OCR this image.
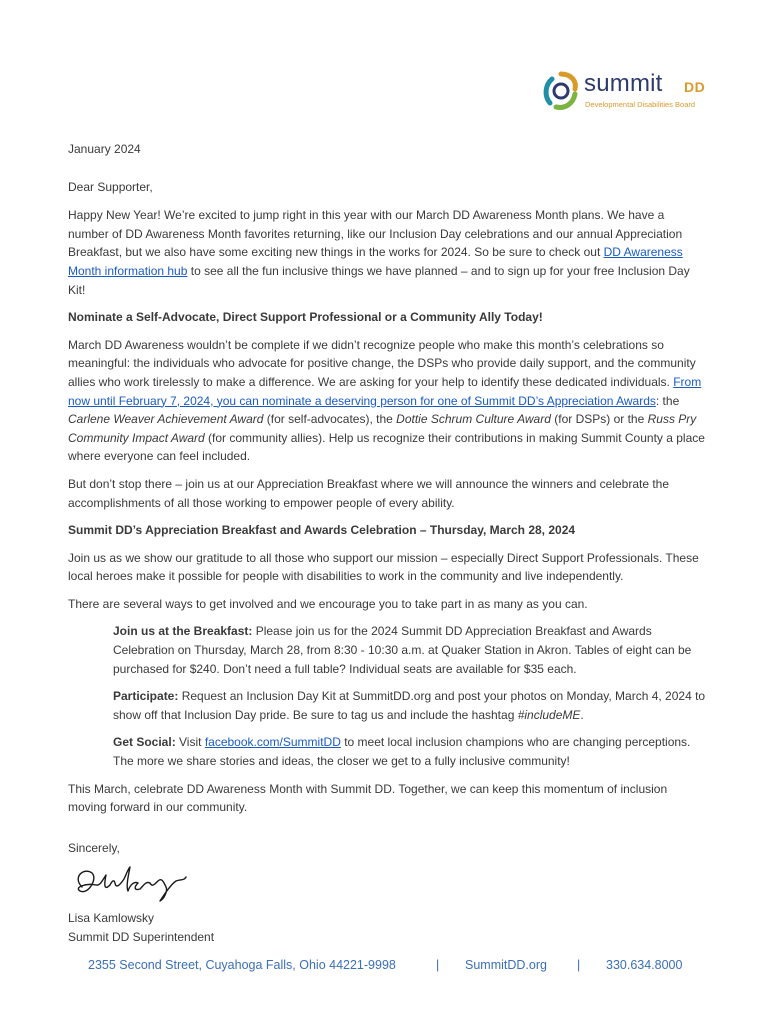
summit DD
Developmental Disabilities Board

January 2024

Dear Supporter,

Happy New Year! We’re excited to jump right in this year with our March DD Awareness Month plans. We have a number of DD Awareness Month favorites returning, like our Inclusion Day celebrations and our annual Appreciation Breakfast, but we also have some exciting new things in the works for 2024. So be sure to check out DD Awareness Month information hub to see all the fun inclusive things we have planned – and to sign up for your free Inclusion Day Kit!

Nominate a Self-Advocate, Direct Support Professional or a Community Ally Today!

March DD Awareness wouldn’t be complete if we didn’t recognize people who make this month’s celebrations so meaningful: the individuals who advocate for positive change, the DSPs who provide daily support, and the community allies who work tirelessly to make a difference. We are asking for your help to identify these dedicated individuals. From now until February 7, 2024, you can nominate a deserving person for one of Summit DD’s Appreciation Awards: the Carlene Weaver Achievement Award (for self-advocates), the Dottie Schrum Culture Award (for DSPs) or the Russ Pry Community Impact Award (for community allies). Help us recognize their contributions in making Summit County a place where everyone can feel included.

But don’t stop there – join us at our Appreciation Breakfast where we will announce the winners and celebrate the accomplishments of all those working to empower people of every ability.

Summit DD’s Appreciation Breakfast and Awards Celebration – Thursday, March 28, 2024

Join us as we show our gratitude to all those who support our mission – especially Direct Support Professionals. These local heroes make it possible for people with disabilities to work in the community and live independently.

There are several ways to get involved and we encourage you to take part in as many as you can.

Join us at the Breakfast: Please join us for the 2024 Summit DD Appreciation Breakfast and Awards Celebration on Thursday, March 28, from 8:30 - 10:30 a.m. at Quaker Station in Akron. Tables of eight can be purchased for $240. Don’t need a full table? Individual seats are available for $35 each.

Participate: Request an Inclusion Day Kit at SummitDD.org and post your photos on Monday, March 4, 2024 to show off that Inclusion Day pride. Be sure to tag us and include the hashtag #includeME.

Get Social: Visit facebook.com/SummitDD to meet local inclusion champions who are changing perceptions. The more we share stories and ideas, the closer we get to a fully inclusive community!

This March, celebrate DD Awareness Month with Summit DD. Together, we can keep this momentum of inclusion moving forward in our community.

Sincerely,

Lisa Kamlowsky

Summit DD Superintendent

2355 Second Street, Cuyahoga Falls, Ohio 44221-9998	| SummitDD.org | 330.634.8000
